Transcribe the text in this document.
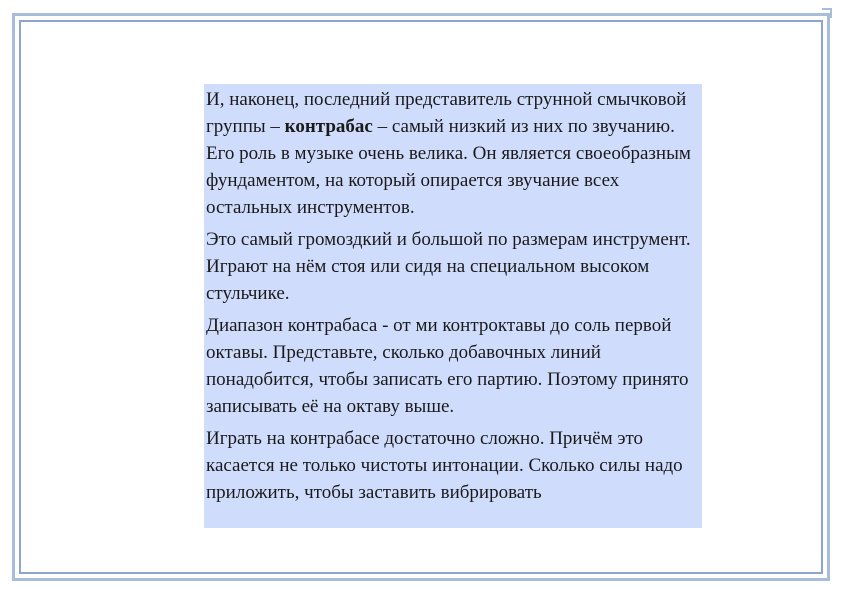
И, наконец, последний представитель струнной смычковой группы – контрабас – самый низкий из них по звучанию. Его роль в музыке очень велика. Он является своеобразным фундаментом, на который опирается звучание всех остальных инструментов.

Это самый громоздкий и большой по размерам инструмент. Играют на нём стоя или сидя на специальном высоком стульчике.

Диапазон контрабаса - от ми контроктавы до соль первой октавы. Представьте, сколько добавочных линий понадобится, чтобы записать его партию. Поэтому принято записывать её на октаву выше.

Играть на контрабасе достаточно сложно. Причём это касается не только чистоты интонации. Сколько силы надо приложить, чтобы заставить вибрировать
